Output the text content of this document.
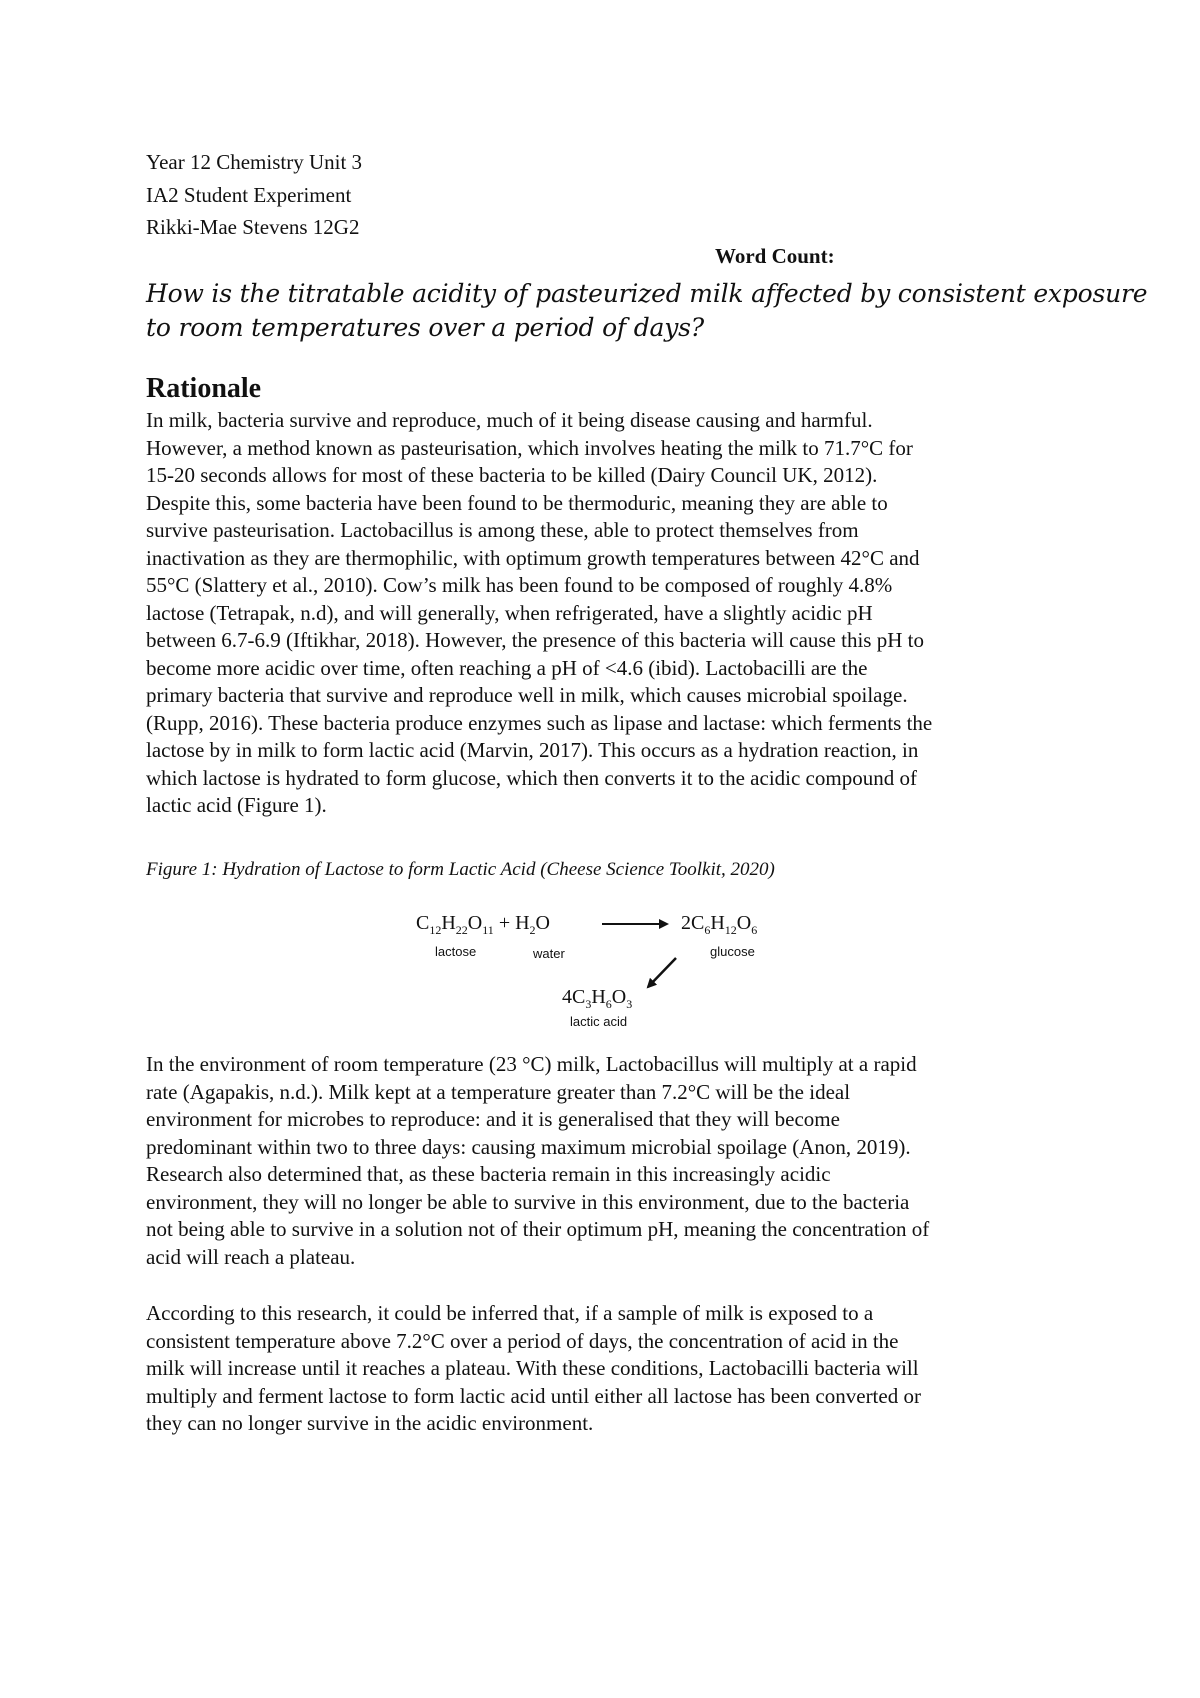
Year 12 Chemistry Unit 3
IA2 Student Experiment
Rikki-Mae Stevens 12G2
Word Count:
How is the titratable acidity of pasteurized milk affected by consistent exposure
to room temperatures over a period of days?
Rationale
In milk, bacteria survive and reproduce, much of it being disease causing and harmful.
However, a method known as pasteurisation, which involves heating the milk to 71.7°C for
15-20 seconds allows for most of these bacteria to be killed (Dairy Council UK, 2012).
Despite this, some bacteria have been found to be thermoduric, meaning they are able to
survive pasteurisation. Lactobacillus is among these, able to protect themselves from
inactivation as they are thermophilic, with optimum growth temperatures between 42°C and
55°C (Slattery et al., 2010). Cow’s milk has been found to be composed of roughly 4.8%
lactose (Tetrapak, n.d), and will generally, when refrigerated, have a slightly acidic pH
between 6.7-6.9 (Iftikhar, 2018). However, the presence of this bacteria will cause this pH to
become more acidic over time, often reaching a pH of <4.6 (ibid). Lactobacilli are the
primary bacteria that survive and reproduce well in milk, which causes microbial spoilage.
(Rupp, 2016). These bacteria produce enzymes such as lipase and lactase: which ferments the
lactose by in milk to form lactic acid (Marvin, 2017). This occurs as a hydration reaction, in
which lactose is hydrated to form glucose, which then converts it to the acidic compound of
lactic acid (Figure 1).
Figure 1: Hydration of Lactose to form Lactic Acid (Cheese Science Toolkit, 2020)
$C_{12}H_{22}O_{11} + H_2O$	$2C_6H_{12}O_6$
$4C_3H_6O_3$
lactose	water	glucose
lactic acid
In the environment of room temperature (23 °C) milk, Lactobacillus will multiply at a rapid
rate (Agapakis, n.d.). Milk kept at a temperature greater than 7.2°C will be the ideal
environment for microbes to reproduce: and it is generalised that they will become
predominant within two to three days: causing maximum microbial spoilage (Anon, 2019).
Research also determined that, as these bacteria remain in this increasingly acidic
environment, they will no longer be able to survive in this environment, due to the bacteria
not being able to survive in a solution not of their optimum pH, meaning the concentration of
acid will reach a plateau.
According to this research, it could be inferred that, if a sample of milk is exposed to a
consistent temperature above 7.2°C over a period of days, the concentration of acid in the
milk will increase until it reaches a plateau. With these conditions, Lactobacilli bacteria will
multiply and ferment lactose to form lactic acid until either all lactose has been converted or
they can no longer survive in the acidic environment.
